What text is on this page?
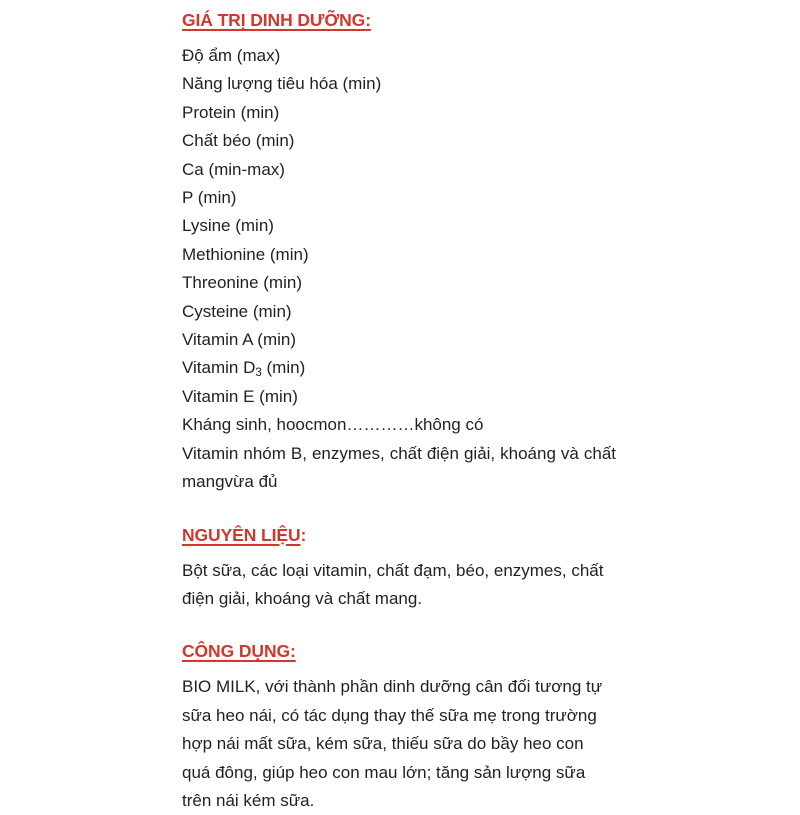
GIÁ TRỊ DINH DƯỠNG:
Độ ẩm (max)
Năng lượng tiêu hóa (min)
Protein (min)
Chất béo (min)
Ca (min-max)
P (min)
Lysine (min)
Methionine (min)
Threonine (min)
Cysteine (min)
Vitamin A (min)
Vitamin $D_3$ (min)
Vitamin E (min)
Kháng sinh, hoocmon…………không có

Vitamin nhóm B, enzymes, chất điện giải, khoáng và chất mangvừa đủ

NGUYÊN LIỆU:

Bột sữa, các loại vitamin, chất đạm, béo, enzymes, chất điện giải, khoáng và chất mang.

CÔNG DỤNG:

BIO MILK, với thành phần dinh dưỡng cân đối tương tự sữa heo nái, có tác dụng thay thế sữa mẹ trong trường hợp nái mất sữa, kém sữa, thiếu sữa do bầy heo con quá đông, giúp heo con mau lớn; tăng sản lượng sữa trên nái kém sữa.
